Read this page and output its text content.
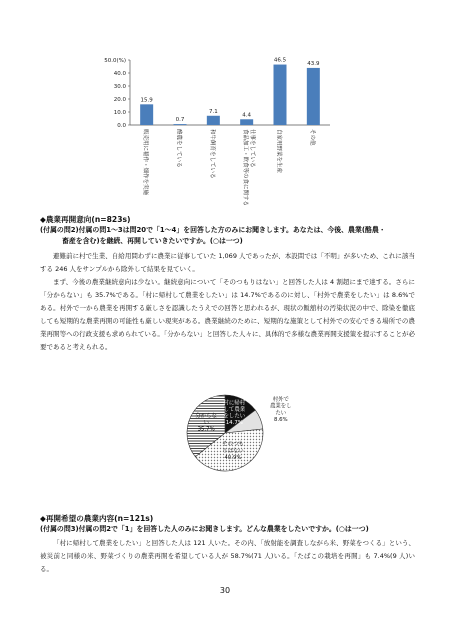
50.0(%)
40.0
30.0
20.0
10.0
0.0
15.9
0.7
7.1
4.4
46.5
43.9
販売用に稲作・畑作を実施	酪農をしている	和牛飼育をしている	食品加工・飲食等の食に関する仕事をしている	自家用野菜を生産	その他
◆農業再開意向(n=823s)
(付属の問2)付属の問1～3は問20で「1～4」を回答した方のみにお聞きします。あなたは、今後、農業(酪農・
畜産を含む)を継続、再開していきたいですか。(○は一つ)
避難前に村で生業、自給用問わずに農業に従事していた 1,069 人であったが、本設問では「不明」が多いため、これに該当する 246 人をサンプルから除外して結果を見ていく。
まず、今後の農業継続意向は少ない。継続意向について「そのつもりはない」と回答した人は 4 割超にまで達する。さらに「分からない」も 35.7%である。「村に帰村して農業をしたい」は 14.7%であるのに対し、「村外で農業をしたい」は 8.6%である。村外で一から農業を再開する厳しさを認識したうえでの回答と思われるが、現状の飯舘村の汚染状況の中で、除染を徹底しても短期的な農業再開の可能性も厳しい現実がある。農業継続のために、短期的な施策として村外での安心できる場所での農業再開等への行政支援も求められている。「分からない」と回答した人々に、具体的で多様な農業再開支援策を提示することが必要であると考えられる。
村に帰村して農業をしたい 14.7%
村外で農業をしたい 8.6%
そのつもりはない 40.9%
分からない 35.7%
◆再開希望の農業内容(n=121s)
(付属の問3)付属の問2で「1」を回答した人のみにお聞きします。どんな農業をしたいですか。(○は一つ)
「村に帰村して農業をしたい」と回答した人は 121 人いた。その内、「放射能を調査しながら米、野菜をつくる」という、被災前と同様の米、野菜づくりの農業再開を希望している人が 58.7%(71 人)いる。「たばこの栽培を再開」も 7.4%(9 人)いる。
30
